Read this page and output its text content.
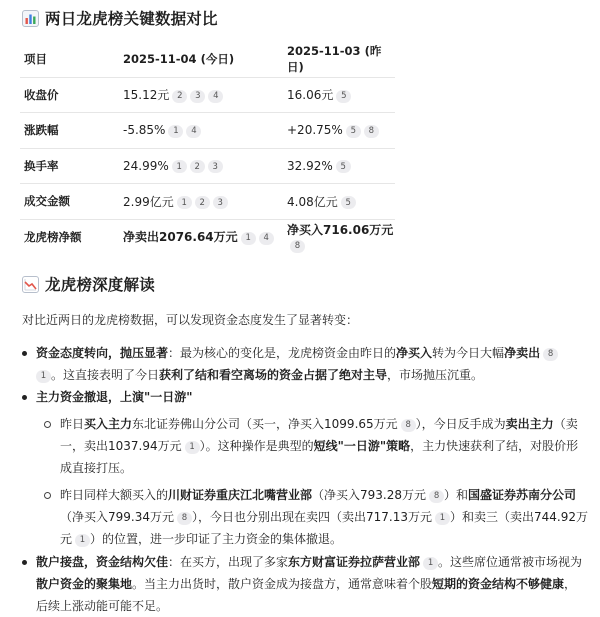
两日龙虎榜关键数据对比
项目	2025-11-04 (今日)	2025-11-03 (昨日)
收盘价	15.12元 2 3 4	16.06元 5
涨跌幅	-5.85% 1 4	+20.75% 5 8
换手率	24.99% 1 2 3	32.92% 5
成交金额	2.99亿元 1 2 3	4.08亿元 5
龙虎榜净额	净卖出2076.64万元 1 4	净买入716.06万元8
龙虎榜深度解读
对比近两日的龙虎榜数据，可以发现资金态度发生了显著转变：
资金态度转向，抛压显著：最为核心的变化是，龙虎榜资金由昨日的净买入转为今日大幅净卖出 8
1 。这直接表明了今日获利了结和看空离场的资金占据了绝对主导，市场抛压沉重。
主力资金撤退，上演"一日游"
昨日买入主力东北证券佛山分公司（买一，净买入1099.65万元 8 ），今日反手成为卖出主力（卖一，卖出1037.94万元 1 ）。这种操作是典型的短线"一日游"策略，主力快速获利了结，对股价形成直接打压。
昨日同样大额买入的川财证券重庆江北嘴营业部（净买入793.28万元 8 ）和国盛证券苏南分公司（净买入799.34万元 8 ），今日也分别出现在卖四（卖出717.13万元 1 ）和卖三（卖出744.92万元 1 ）的位置，进一步印证了主力资金的集体撤退。
散户接盘，资金结构欠佳：在买方，出现了多家东方财富证券拉萨营业部 1 。这些席位通常被市场视为散户资金的聚集地。当主力出货时，散户资金成为接盘方，通常意味着个股短期的资金结构不够健康，后续上涨动能可能不足。
